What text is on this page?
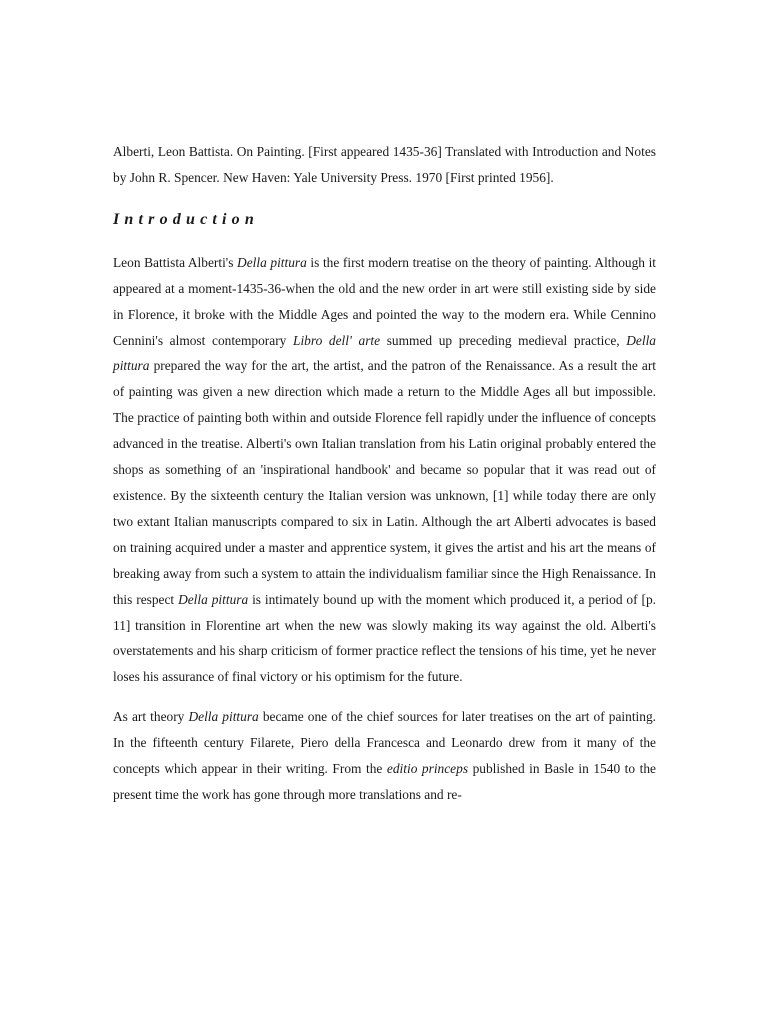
Alberti, Leon Battista. On Painting. [First appeared 1435-36] Translated with Introduction and Notes by John R. Spencer. New Haven: Yale University Press. 1970 [First printed 1956].

Introduction

Leon Battista Alberti's Della pittura is the first modern treatise on the theory of painting. Although it appeared at a moment-1435-36-when the old and the new order in art were still existing side by side in Florence, it broke with the Middle Ages and pointed the way to the modern era. While Cennino Cennini's almost contemporary Libro dell' arte summed up preceding medieval practice, Della pittura prepared the way for the art, the artist, and the patron of the Renaissance. As a result the art of painting was given a new direction which made a return to the Middle Ages all but impossible. The practice of painting both within and outside Florence fell rapidly under the influence of concepts advanced in the treatise. Alberti's own Italian translation from his Latin original probably entered the shops as something of an 'inspirational handbook' and became so popular that it was read out of existence. By the sixteenth century the Italian version was unknown, [1] while today there are only two extant Italian manuscripts compared to six in Latin. Although the art Alberti advocates is based on training acquired under a master and apprentice system, it gives the artist and his art the means of breaking away from such a system to attain the individualism familiar since the High Renaissance. In this respect Della pittura is intimately bound up with the moment which produced it, a period of [p. 11] transition in Florentine art when the new was slowly making its way against the old. Alberti's overstatements and his sharp criticism of former practice reflect the tensions of his time, yet he never loses his assurance of final victory or his optimism for the future.

As art theory Della pittura became one of the chief sources for later treatises on the art of painting. In the fifteenth century Filarete, Piero della Francesca and Leonardo drew from it many of the concepts which appear in their writing. From the editio princeps published in Basle in 1540 to the present time the work has gone through more translations and re-
